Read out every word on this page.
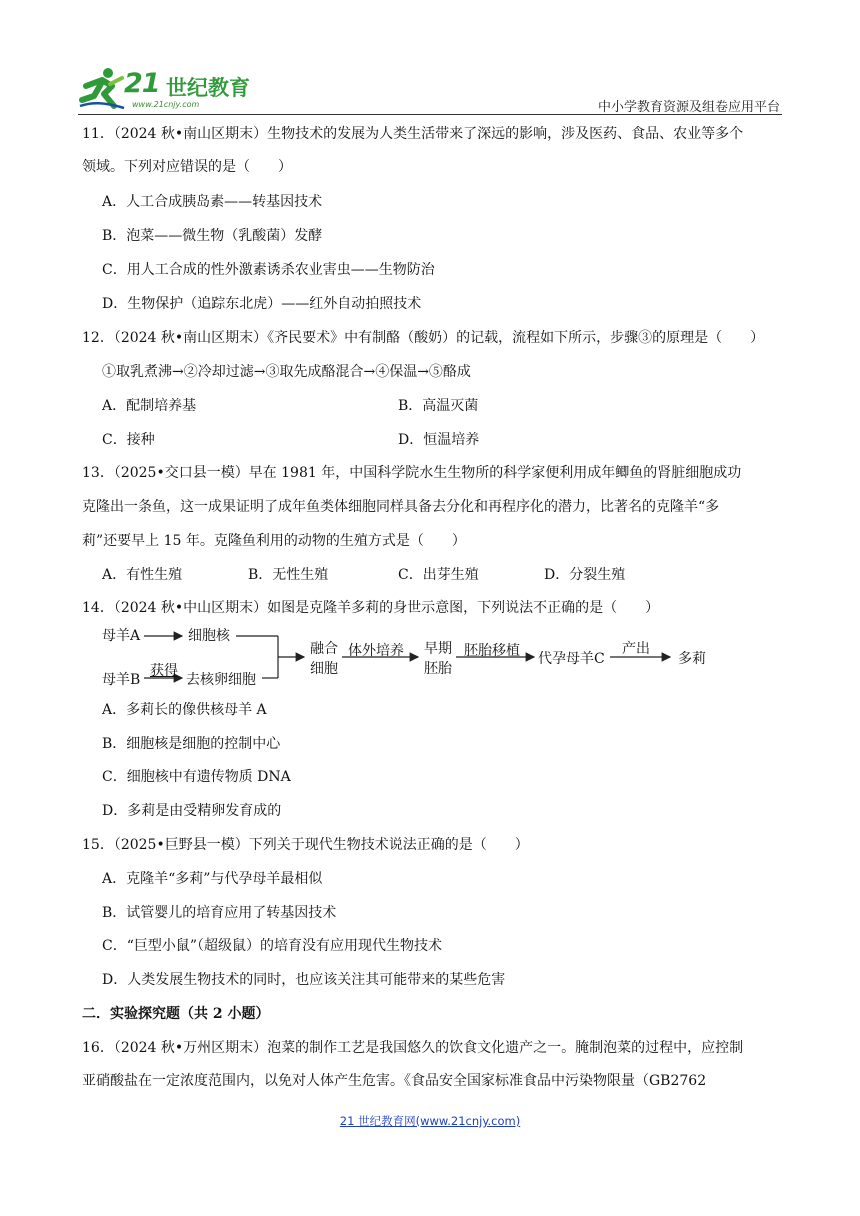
21 世纪教育
www.21cnjy.com	中小学教育资源及组卷应用平台
11．（2024 秋•南山区期末）生物技术的发展为人类生活带来了深远的影响，涉及医药、食品、农业等多个
领域。下列对应错误的是（　　）
A．人工合成胰岛素——转基因技术
B．泡菜——微生物（乳酸菌）发酵
C．用人工合成的性外激素诱杀农业害虫——生物防治
D．生物保护（追踪东北虎）——红外自动拍照技术
12．（2024 秋•南山区期末）《齐民要术》中有制酪（酸奶）的记载，流程如下所示，步骤③的原理是（　　）
①取乳煮沸→②冷却过滤→③取先成酪混合→④保温→⑤酪成
A．配制培养基	B．高温灭菌
C．接种	D．恒温培养
13．（2025•交口县一模）早在 1981 年，中国科学院水生生物所的科学家便利用成年鲫鱼的肾脏细胞成功
克隆出一条鱼，这一成果证明了成年鱼类体细胞同样具备去分化和再程序化的潜力，比著名的克隆羊“多
莉”还要早上 15 年。克隆鱼利用的动物的生殖方式是（　　）
A．有性生殖	B．无性生殖	C．出芽生殖	D．分裂生殖
14．（2024 秋•中山区期末）如图是克隆羊多莉的身世示意图，下列说法不正确的是（　　）
母羊A	细胞核
母羊B
获得
去核卵细胞
融合
细胞
体外培养 早期
胚胎
胚胎移植 代孕母羊C
产出
多莉
A．多莉长的像供核母羊 A
B．细胞核是细胞的控制中心
C．细胞核中有遗传物质 DNA
D．多莉是由受精卵发育成的
15．（2025•巨野县一模）下列关于现代生物技术说法正确的是（　　）
A．克隆羊“多莉”与代孕母羊最相似
B．试管婴儿的培育应用了转基因技术
C．“巨型小鼠”（超级鼠）的培育没有应用现代生物技术
D．人类发展生物技术的同时，也应该关注其可能带来的某些危害
二．实验探究题（共 2 小题）
16．（2024 秋•万州区期末）泡菜的制作工艺是我国悠久的饮食文化遗产之一。腌制泡菜的过程中，应控制
亚硝酸盐在一定浓度范围内，以免对人体产生危害。《食品安全国家标准食品中污染物限量（GB2762
21 世纪教育网(www.21cnjy.com)
